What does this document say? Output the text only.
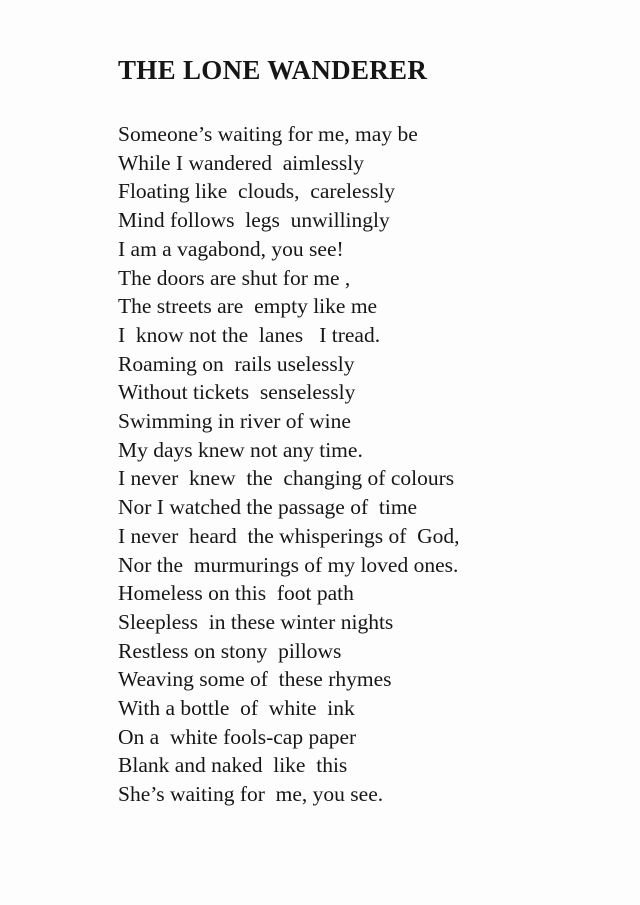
THE LONE WANDERER
Someone’s waiting for me, may be
While I wandered  aimlessly
Floating like  clouds,  carelessly
Mind follows  legs  unwillingly
I am a vagabond, you see!
The doors are shut for me ,
The streets are  empty like me
I  know not the  lanes   I tread.
Roaming on  rails uselessly
Without tickets  senselessly
Swimming in river of wine
My days knew not any time.
I never  knew  the  changing of colours
Nor I watched the passage of  time
I never  heard  the whisperings of  God,
Nor the  murmurings of my loved ones.
Homeless on this  foot path
Sleepless  in these winter nights
Restless on stony  pillows
Weaving some of  these rhymes
With a bottle  of  white  ink
On a  white fools-cap paper
Blank and naked  like  this
She’s waiting for  me, you see.
